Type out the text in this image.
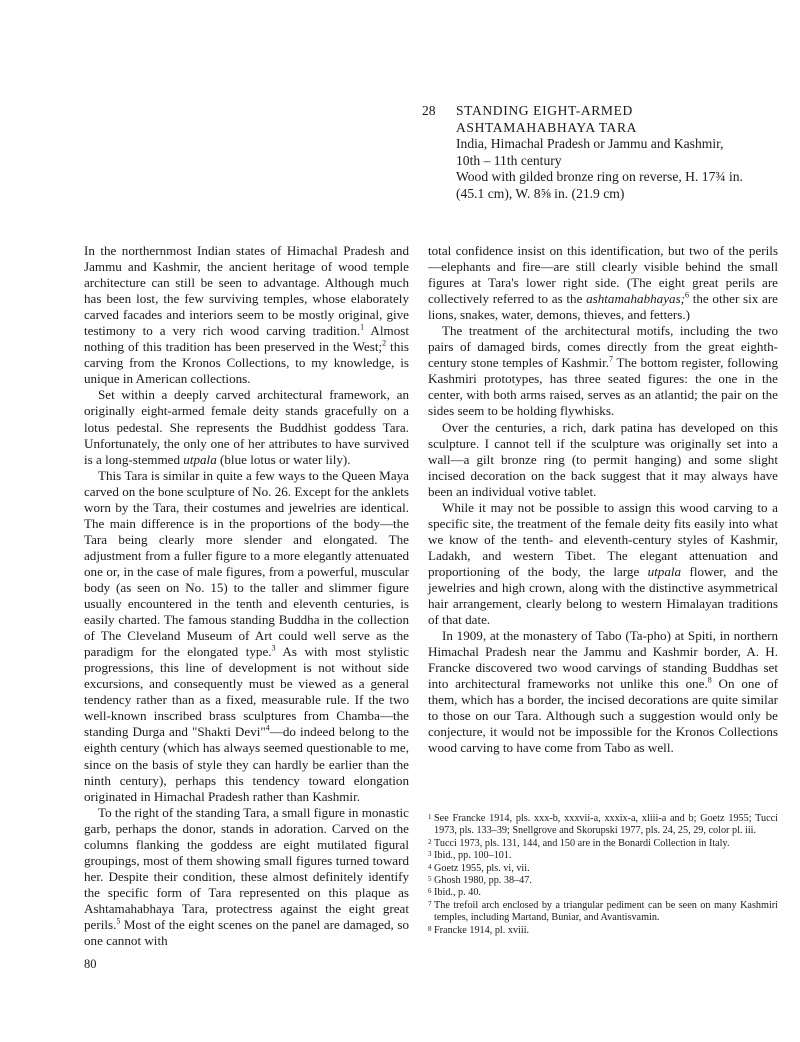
28 STANDING EIGHT-ARMED
ASHTAMAHABHAYA TARA
India, Himachal Pradesh or Jammu and Kashmir,
10th – 11th century
Wood with gilded bronze ring on reverse, H. 17¾ in.
(45.1 cm), W. 8⅝ in. (21.9 cm)

In the northernmost Indian states of Himachal Pradesh and Jammu and Kashmir, the ancient heritage of wood temple architecture can still be seen to advantage. Although much has been lost, the few surviving temples, whose elaborately carved facades and interiors seem to be mostly original, give testimony to a very rich wood carving tradition.$^1$ Almost nothing of this tradition has been preserved in the West;$^2$ this carving from the Kronos Collections, to my knowledge, is unique in American collections.

Set within a deeply carved architectural framework, an originally eight-armed female deity stands gracefully on a lotus pedestal. She represents the Buddhist goddess Tara. Unfortunately, the only one of her attributes to have survived is a long-stemmed utpala (blue lotus or water lily).

This Tara is similar in quite a few ways to the Queen Maya carved on the bone sculpture of No. 26. Except for the anklets worn by the Tara, their costumes and jewelries are identical. The main difference is in the proportions of the body—the Tara being clearly more slender and elongated. The adjustment from a fuller figure to a more elegantly attenuated one or, in the case of male figures, from a powerful, muscular body (as seen on No. 15) to the taller and slimmer figure usually encountered in the tenth and eleventh centuries, is easily charted. The famous standing Buddha in the collection of The Cleveland Museum of Art could well serve as the paradigm for the elongated type.$^3$ As with most stylistic progressions, this line of development is not without side excursions, and consequently must be viewed as a general tendency rather than as a fixed, measurable rule. If the two well-known inscribed brass sculptures from Chamba—the standing Durga and "Shakti Devi"$^4$—do indeed belong to the eighth century (which has always seemed questionable to me, since on the basis of style they can hardly be earlier than the ninth century), perhaps this tendency toward elongation originated in Himachal Pradesh rather than Kashmir.

To the right of the standing Tara, a small figure in monastic garb, perhaps the donor, stands in adoration. Carved on the columns flanking the goddess are eight mutilated figural groupings, most of them showing small figures turned toward her. Despite their condition, these almost definitely identify the specific form of Tara represented on this plaque as Ashtamahabhaya Tara, protectress against the eight great perils.$^5$ Most of the eight scenes on the panel are damaged, so one cannot with

total confidence insist on this identification, but two of the perils—elephants and fire—are still clearly visible behind the small figures at Tara's lower right side. (The eight great perils are collectively referred to as the ashtamahabhayas;$^6$ the other six are lions, snakes, water, demons, thieves, and fetters.)

The treatment of the architectural motifs, including the two pairs of damaged birds, comes directly from the great eighth-century stone temples of Kashmir.$^7$ The bottom register, following Kashmiri prototypes, has three seated figures: the one in the center, with both arms raised, serves as an atlantid; the pair on the sides seem to be holding flywhisks.

Over the centuries, a rich, dark patina has developed on this sculpture. I cannot tell if the sculpture was originally set into a wall—a gilt bronze ring (to permit hanging) and some slight incised decoration on the back suggest that it may always have been an individual votive tablet.

While it may not be possible to assign this wood carving to a specific site, the treatment of the female deity fits easily into what we know of the tenth- and eleventh-century styles of Kashmir, Ladakh, and western Tibet. The elegant attenuation and proportioning of the body, the large utpala flower, and the jewelries and high crown, along with the distinctive asymmetrical hair arrangement, clearly belong to western Himalayan traditions of that date.

In 1909, at the monastery of Tabo (Ta-pho) at Spiti, in northern Himachal Pradesh near the Jammu and Kashmir border, A. H. Francke discovered two wood carvings of standing Buddhas set into architectural frameworks not unlike this one.$^8$ On one of them, which has a border, the incised decorations are quite similar to those on our Tara. Although such a suggestion would only be conjecture, it would not be impossible for the Kronos Collections wood carving to have come from Tabo as well.

1 See Francke 1914, pls. xxx-b, xxxvii-a, xxxix-a, xliii-a and b; Goetz 1955; Tucci 1973, pls. 133–39; Snellgrove and Skorupski 1977, pls. 24, 25, 29, color pl. iii.
2 Tucci 1973, pls. 131, 144, and 150 are in the Bonardi Collection in Italy.
3 Ibid., pp. 100–101.
4 Goetz 1955, pls. vi, vii.
5 Ghosh 1980, pp. 38–47.
6 Ibid., p. 40.
7 The trefoil arch enclosed by a triangular pediment can be seen on many Kashmiri temples, including Martand, Buniar, and Avantisvamin.
8 Francke 1914, pl. xviii.
80
